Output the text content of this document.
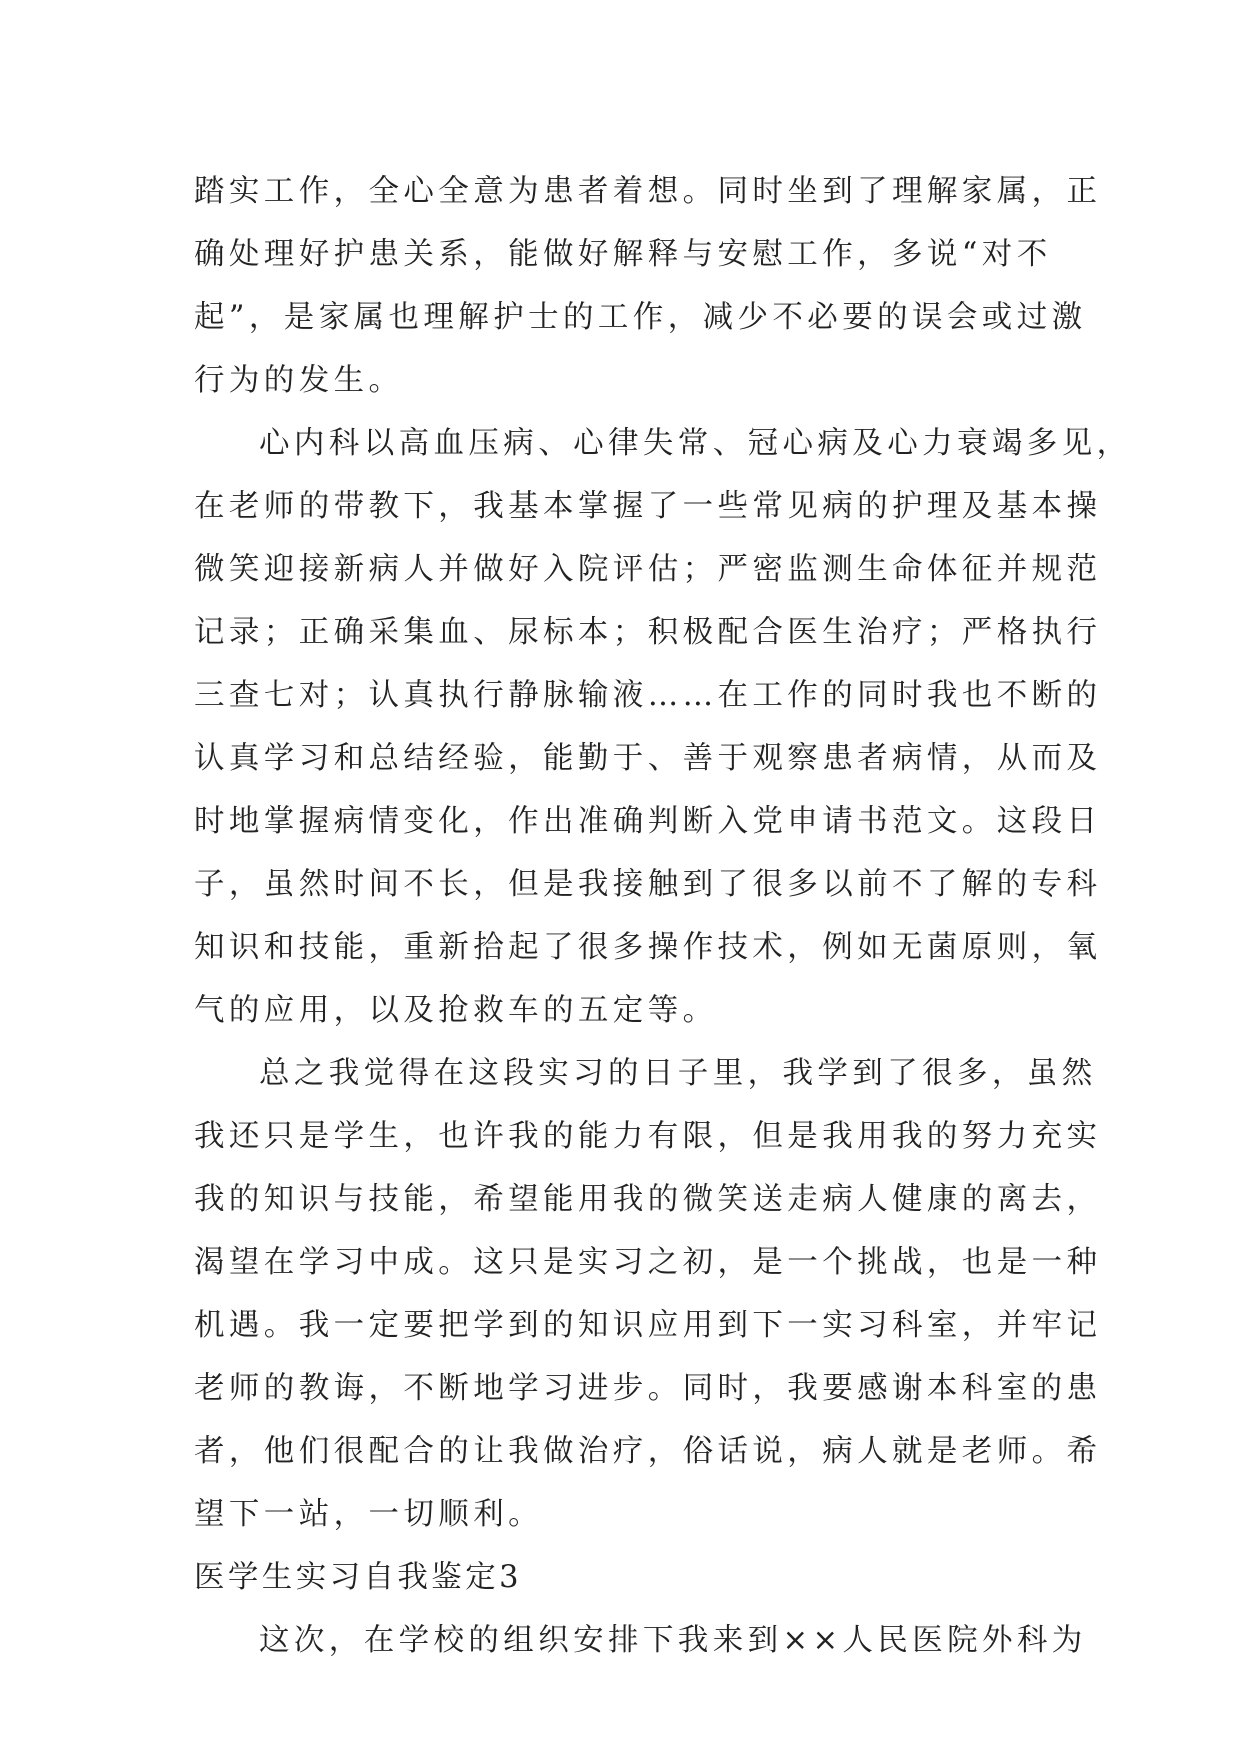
踏实工作，全心全意为患者着想。同时坐到了理解家属，正
确处理好护患关系，能做好解释与安慰工作，多说“对不
起”，是家属也理解护士的工作，减少不必要的误会或过激
行为的发生。
心内科以高血压病、心律失常、冠心病及心力衰竭多见，
在老师的带教下，我基本掌握了一些常见病的护理及基本操
微笑迎接新病人并做好入院评估；严密监测生命体征并规范
记录；正确采集血、尿标本；积极配合医生治疗；严格执行
三查七对；认真执行静脉输液……在工作的同时我也不断的
认真学习和总结经验，能勤于、善于观察患者病情，从而及
时地掌握病情变化，作出准确判断入党申请书范文。这段日
子，虽然时间不长，但是我接触到了很多以前不了解的专科
知识和技能，重新拾起了很多操作技术，例如无菌原则，氧
气的应用，以及抢救车的五定等。
总之我觉得在这段实习的日子里，我学到了很多，虽然
我还只是学生，也许我的能力有限，但是我用我的努力充实
我的知识与技能，希望能用我的微笑送走病人健康的离去，
渴望在学习中成。这只是实习之初，是一个挑战，也是一种
机遇。我一定要把学到的知识应用到下一实习科室，并牢记
老师的教诲，不断地学习进步。同时，我要感谢本科室的患
者，他们很配合的让我做治疗，俗话说，病人就是老师。希
望下一站，一切顺利。
医学生实习自我鉴定3
这次，在学校的组织安排下我来到××人民医院外科为
